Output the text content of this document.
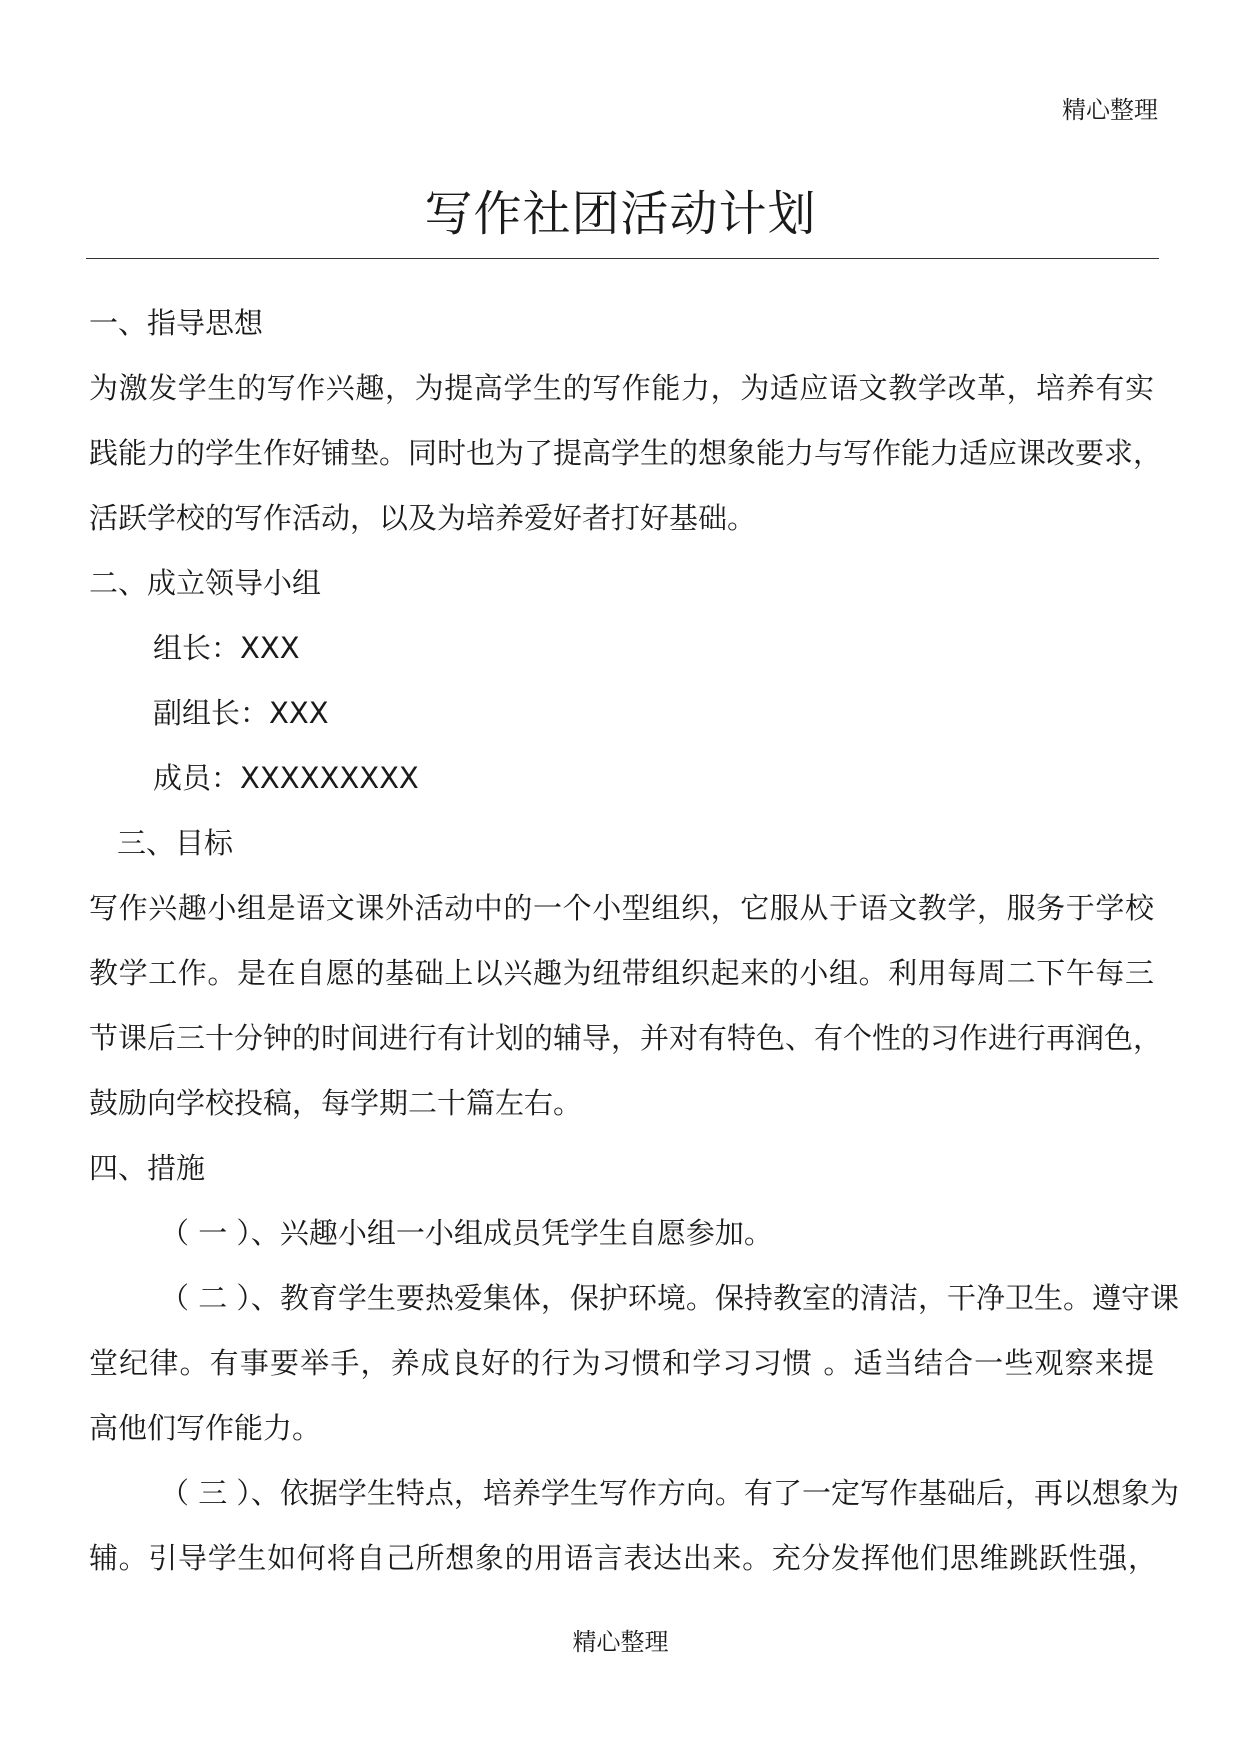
精心整理
写作社团活动计划
一、指导思想
为激发学生的写作兴趣，为提高学生的写作能力，为适应语文教学改革，培养有实
践能力的学生作好铺垫。同时也为了提高学生的想象能力与写作能力适应课改要求，
活跃学校的写作活动，以及为培养爱好者打好基础。
二、成立领导小组
组长：XXX
副组长：XXX
成员：XXXXXXXXX
三、目标
写作兴趣小组是语文课外活动中的一个小型组织，它服从于语文教学，服务于学校
教学工作。是在自愿的基础上以兴趣为纽带组织起来的小组。利用每周二下午每三
节课后三十分钟的时间进行有计划的辅导，并对有特色、有个性的习作进行再润色，
鼓励向学校投稿，每学期二十篇左右。
四、措施
（ 一 ）、兴趣小组一小组成员凭学生自愿参加。
（ 二 ）、教育学生要热爱集体，保护环境。保持教室的清洁，干净卫生。遵守课
堂纪律。有事要举手，养成良好的行为习惯和学习习惯 。适当结合一些观察来提
高他们写作能力。
（ 三 ）、依据学生特点，培养学生写作方向。有了一定写作基础后，再以想象为
辅。引导学生如何将自己所想象的用语言表达出来。充分发挥他们思维跳跃性强，
精心整理
